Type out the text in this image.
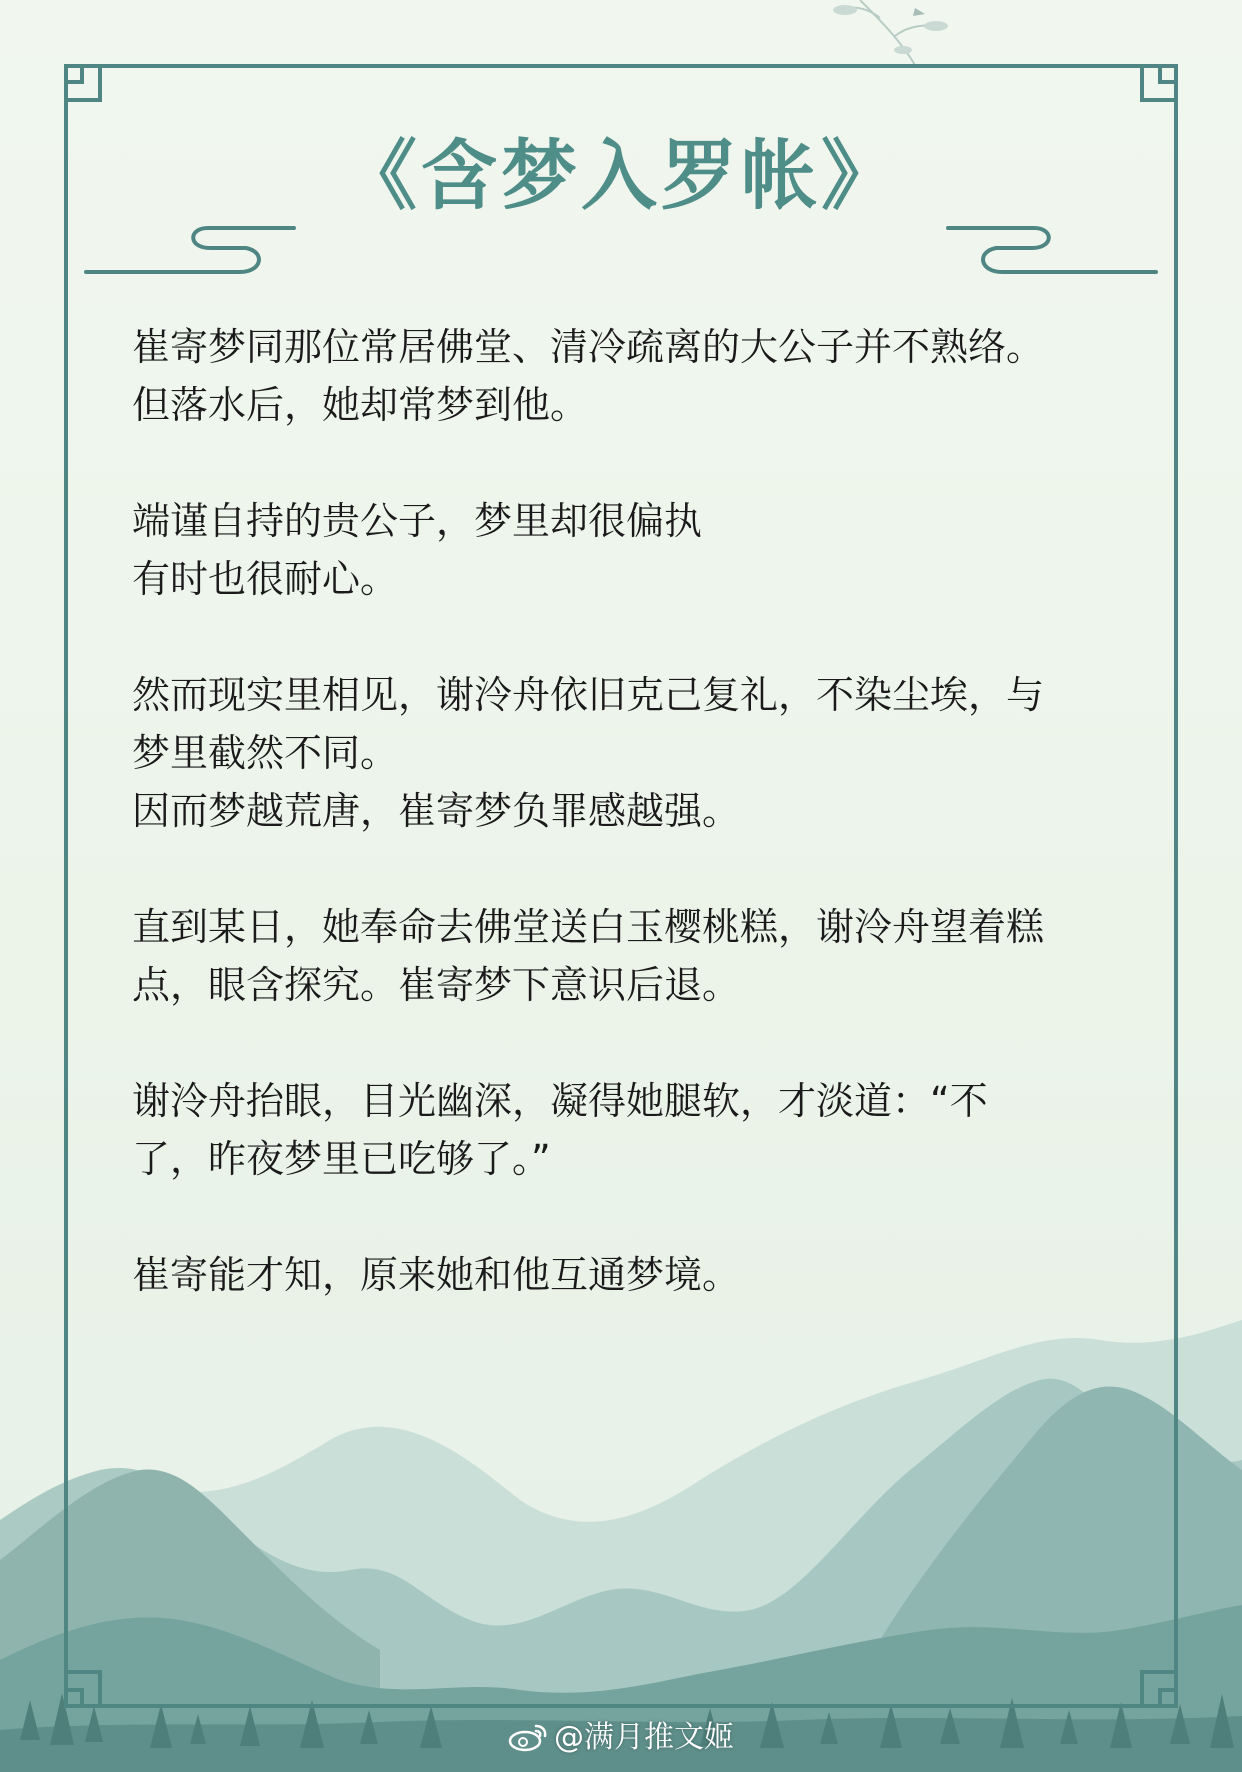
《含梦入罗帐》

崔寄梦同那位常居佛堂、清冷疏离的大公子并不熟络。
但落水后，她却常梦到他。

端谨自持的贵公子，梦里却很偏执
有时也很耐心。

然而现实里相见，谢泠舟依旧克己复礼，不染尘埃，与
梦里截然不同。
因而梦越荒唐，崔寄梦负罪感越强。

直到某日，她奉命去佛堂送白玉樱桃糕，谢泠舟望着糕
点，眼含探究。崔寄梦下意识后退。

谢泠舟抬眼，目光幽深，凝得她腿软，才淡道：“不
了，昨夜梦里已吃够了。”

崔寄能才知，原来她和他互通梦境。

@满月推文姬
